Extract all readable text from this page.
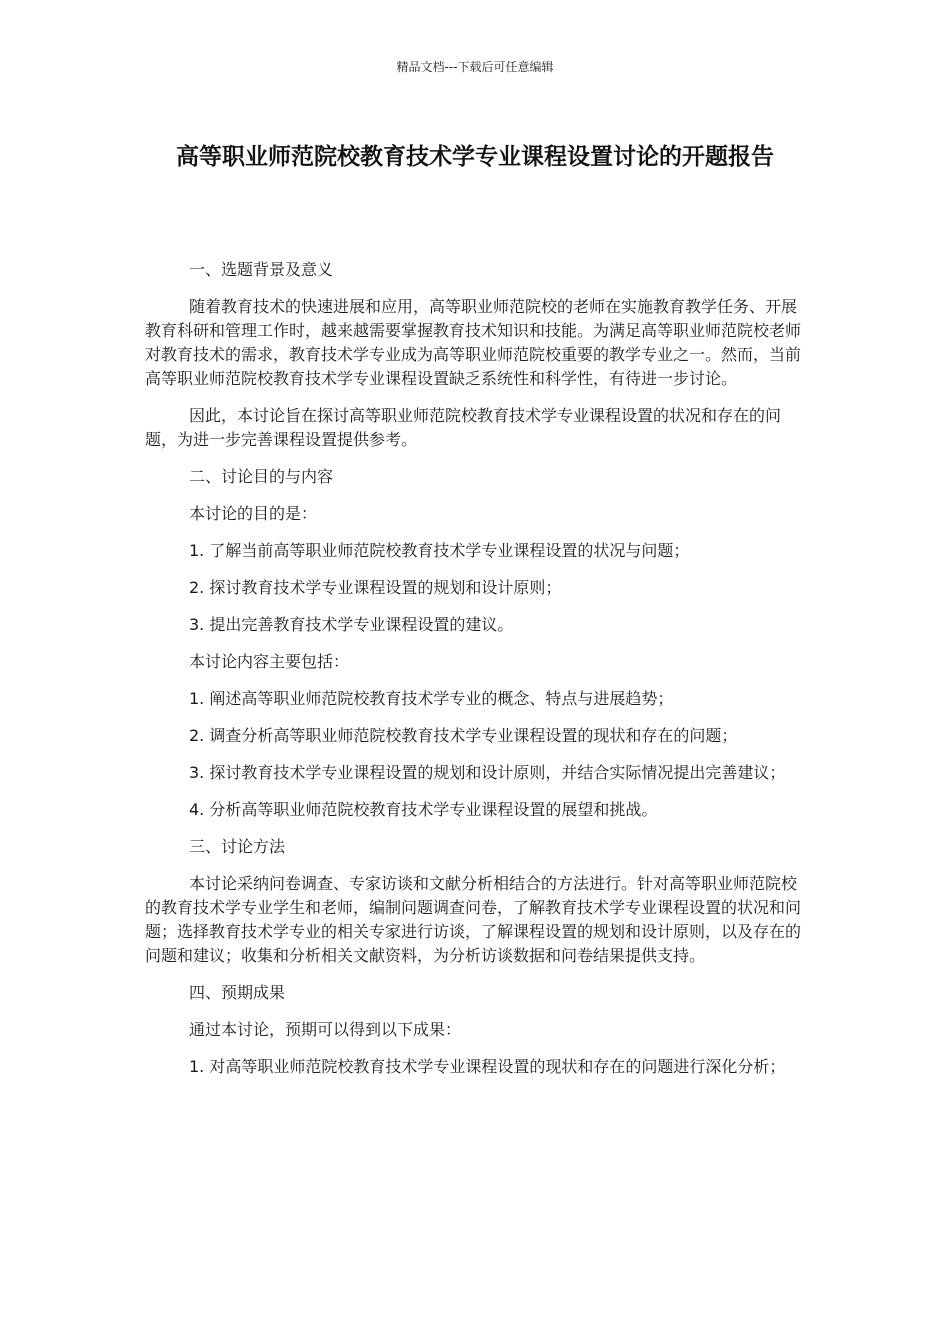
精品文档---下载后可任意编辑
高等职业师范院校教育技术学专业课程设置讨论的开题报告

一、选题背景及意义

随着教育技术的快速进展和应用，高等职业师范院校的老师在实施教育教学任务、开展教育科研和管理工作时，越来越需要掌握教育技术知识和技能。为满足高等职业师范院校老师对教育技术的需求，教育技术学专业成为高等职业师范院校重要的教学专业之一。然而，当前高等职业师范院校教育技术学专业课程设置缺乏系统性和科学性，有待进一步讨论。

因此，本讨论旨在探讨高等职业师范院校教育技术学专业课程设置的状况和存在的问题，为进一步完善课程设置提供参考。

二、讨论目的与内容

本讨论的目的是：

1. 了解当前高等职业师范院校教育技术学专业课程设置的状况与问题；

2. 探讨教育技术学专业课程设置的规划和设计原则；

3. 提出完善教育技术学专业课程设置的建议。

本讨论内容主要包括：

1. 阐述高等职业师范院校教育技术学专业的概念、特点与进展趋势；

2. 调查分析高等职业师范院校教育技术学专业课程设置的现状和存在的问题；

3. 探讨教育技术学专业课程设置的规划和设计原则，并结合实际情况提出完善建议；

4. 分析高等职业师范院校教育技术学专业课程设置的展望和挑战。

三、讨论方法

本讨论采纳问卷调查、专家访谈和文献分析相结合的方法进行。针对高等职业师范院校的教育技术学专业学生和老师，编制问题调查问卷，了解教育技术学专业课程设置的状况和问题；选择教育技术学专业的相关专家进行访谈，了解课程设置的规划和设计原则，以及存在的问题和建议；收集和分析相关文献资料，为分析访谈数据和问卷结果提供支持。

四、预期成果

通过本讨论，预期可以得到以下成果：

1. 对高等职业师范院校教育技术学专业课程设置的现状和存在的问题进行深化分析；
